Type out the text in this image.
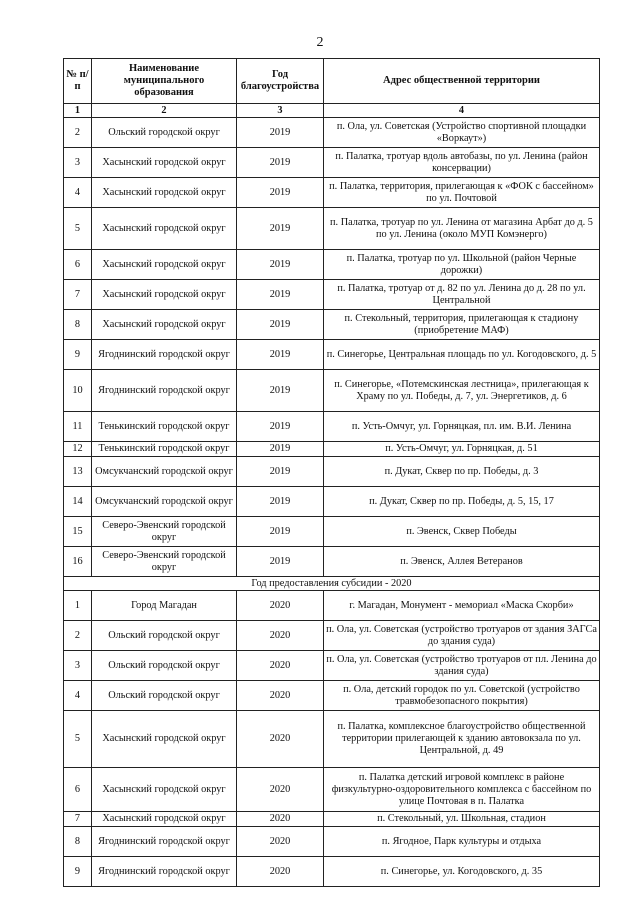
2
№ п/п	Наименование муниципального образования	Год благоустройства	Адрес общественной территории
1	2	3	4
2	Ольский городской округ	2019	п. Ола, ул. Советская (Устройство спортивной площадки «Воркаут»)
3	Хасынский городской округ	2019	п. Палатка, тротуар вдоль автобазы, по ул. Ленина (район консервации)
4	Хасынский городской округ	2019	п. Палатка, территория, прилегающая к «ФОК с бассейном» по ул. Почтовой
5	Хасынский городской округ	2019	п. Палатка, тротуар по ул. Ленина от магазина Арбат до д. 5 по ул. Ленина (около МУП Комэнерго)
6	Хасынский городской округ	2019	п. Палатка, тротуар по ул. Школьной (район Черные дорожки)
7	Хасынский городской округ	2019	п. Палатка, тротуар от д. 82 по ул. Ленина до д. 28 по ул. Центральной
8	Хасынский городской округ	2019	п. Стекольный, территория, прилегающая к стадиону (приобретение МАФ)
9	Ягоднинский городской округ	2019	п. Синегорье, Центральная площадь по ул. Когодовского, д. 5
10	Ягоднинский городской округ	2019	п. Синегорье, «Потемскинская лестница», прилегающая к Храму по ул. Победы, д. 7, ул. Энергетиков, д. 6
11	Тенькинский городской округ	2019	п. Усть-Омчуг, ул. Горняцкая, пл. им. В.И. Ленина
12	Тенькинский городской округ	2019	п. Усть-Омчуг, ул. Горняцкая, д. 51
13	Омсукчанский городской округ	2019	п. Дукат, Сквер по пр. Победы, д. 3
14	Омсукчанский городской округ	2019	п. Дукат, Сквер по пр. Победы, д. 5, 15, 17
15	Северо-Эвенский городской округ	2019	п. Эвенск, Сквер Победы
16	Северо-Эвенский городской округ	2019	п. Эвенск, Аллея Ветеранов
Год предоставления субсидии - 2020			
1	Город Магадан	2020	г. Магадан, Монумент - мемориал «Маска Скорби»
2	Ольский городской округ	2020	п. Ола, ул. Советская (устройство тротуаров от здания ЗАГСа до здания суда)
3	Ольский городской округ	2020	п. Ола, ул. Советская (устройство тротуаров от пл. Ленина до здания суда)
4	Ольский городской округ	2020	п. Ола, детский городок по ул. Советской (устройство травмобезопасного покрытия)
5	Хасынский городской округ	2020	п. Палатка, комплексное благоустройство общественной территории прилегающей к зданию автовокзала по ул. Центральной, д. 49
6	Хасынский городской округ	2020	п. Палатка детский игровой комплекс в районе физкультурно-оздоровительного комплекса с бассейном по улице Почтовая в п. Палатка
7	Хасынский городской округ	2020	п. Стекольный, ул. Школьная, стадион
8	Ягоднинский городской округ	2020	п. Ягодное, Парк культуры и отдыха
9	Ягоднинский городской округ	2020	п. Синегорье, ул. Когодовского, д. 35
